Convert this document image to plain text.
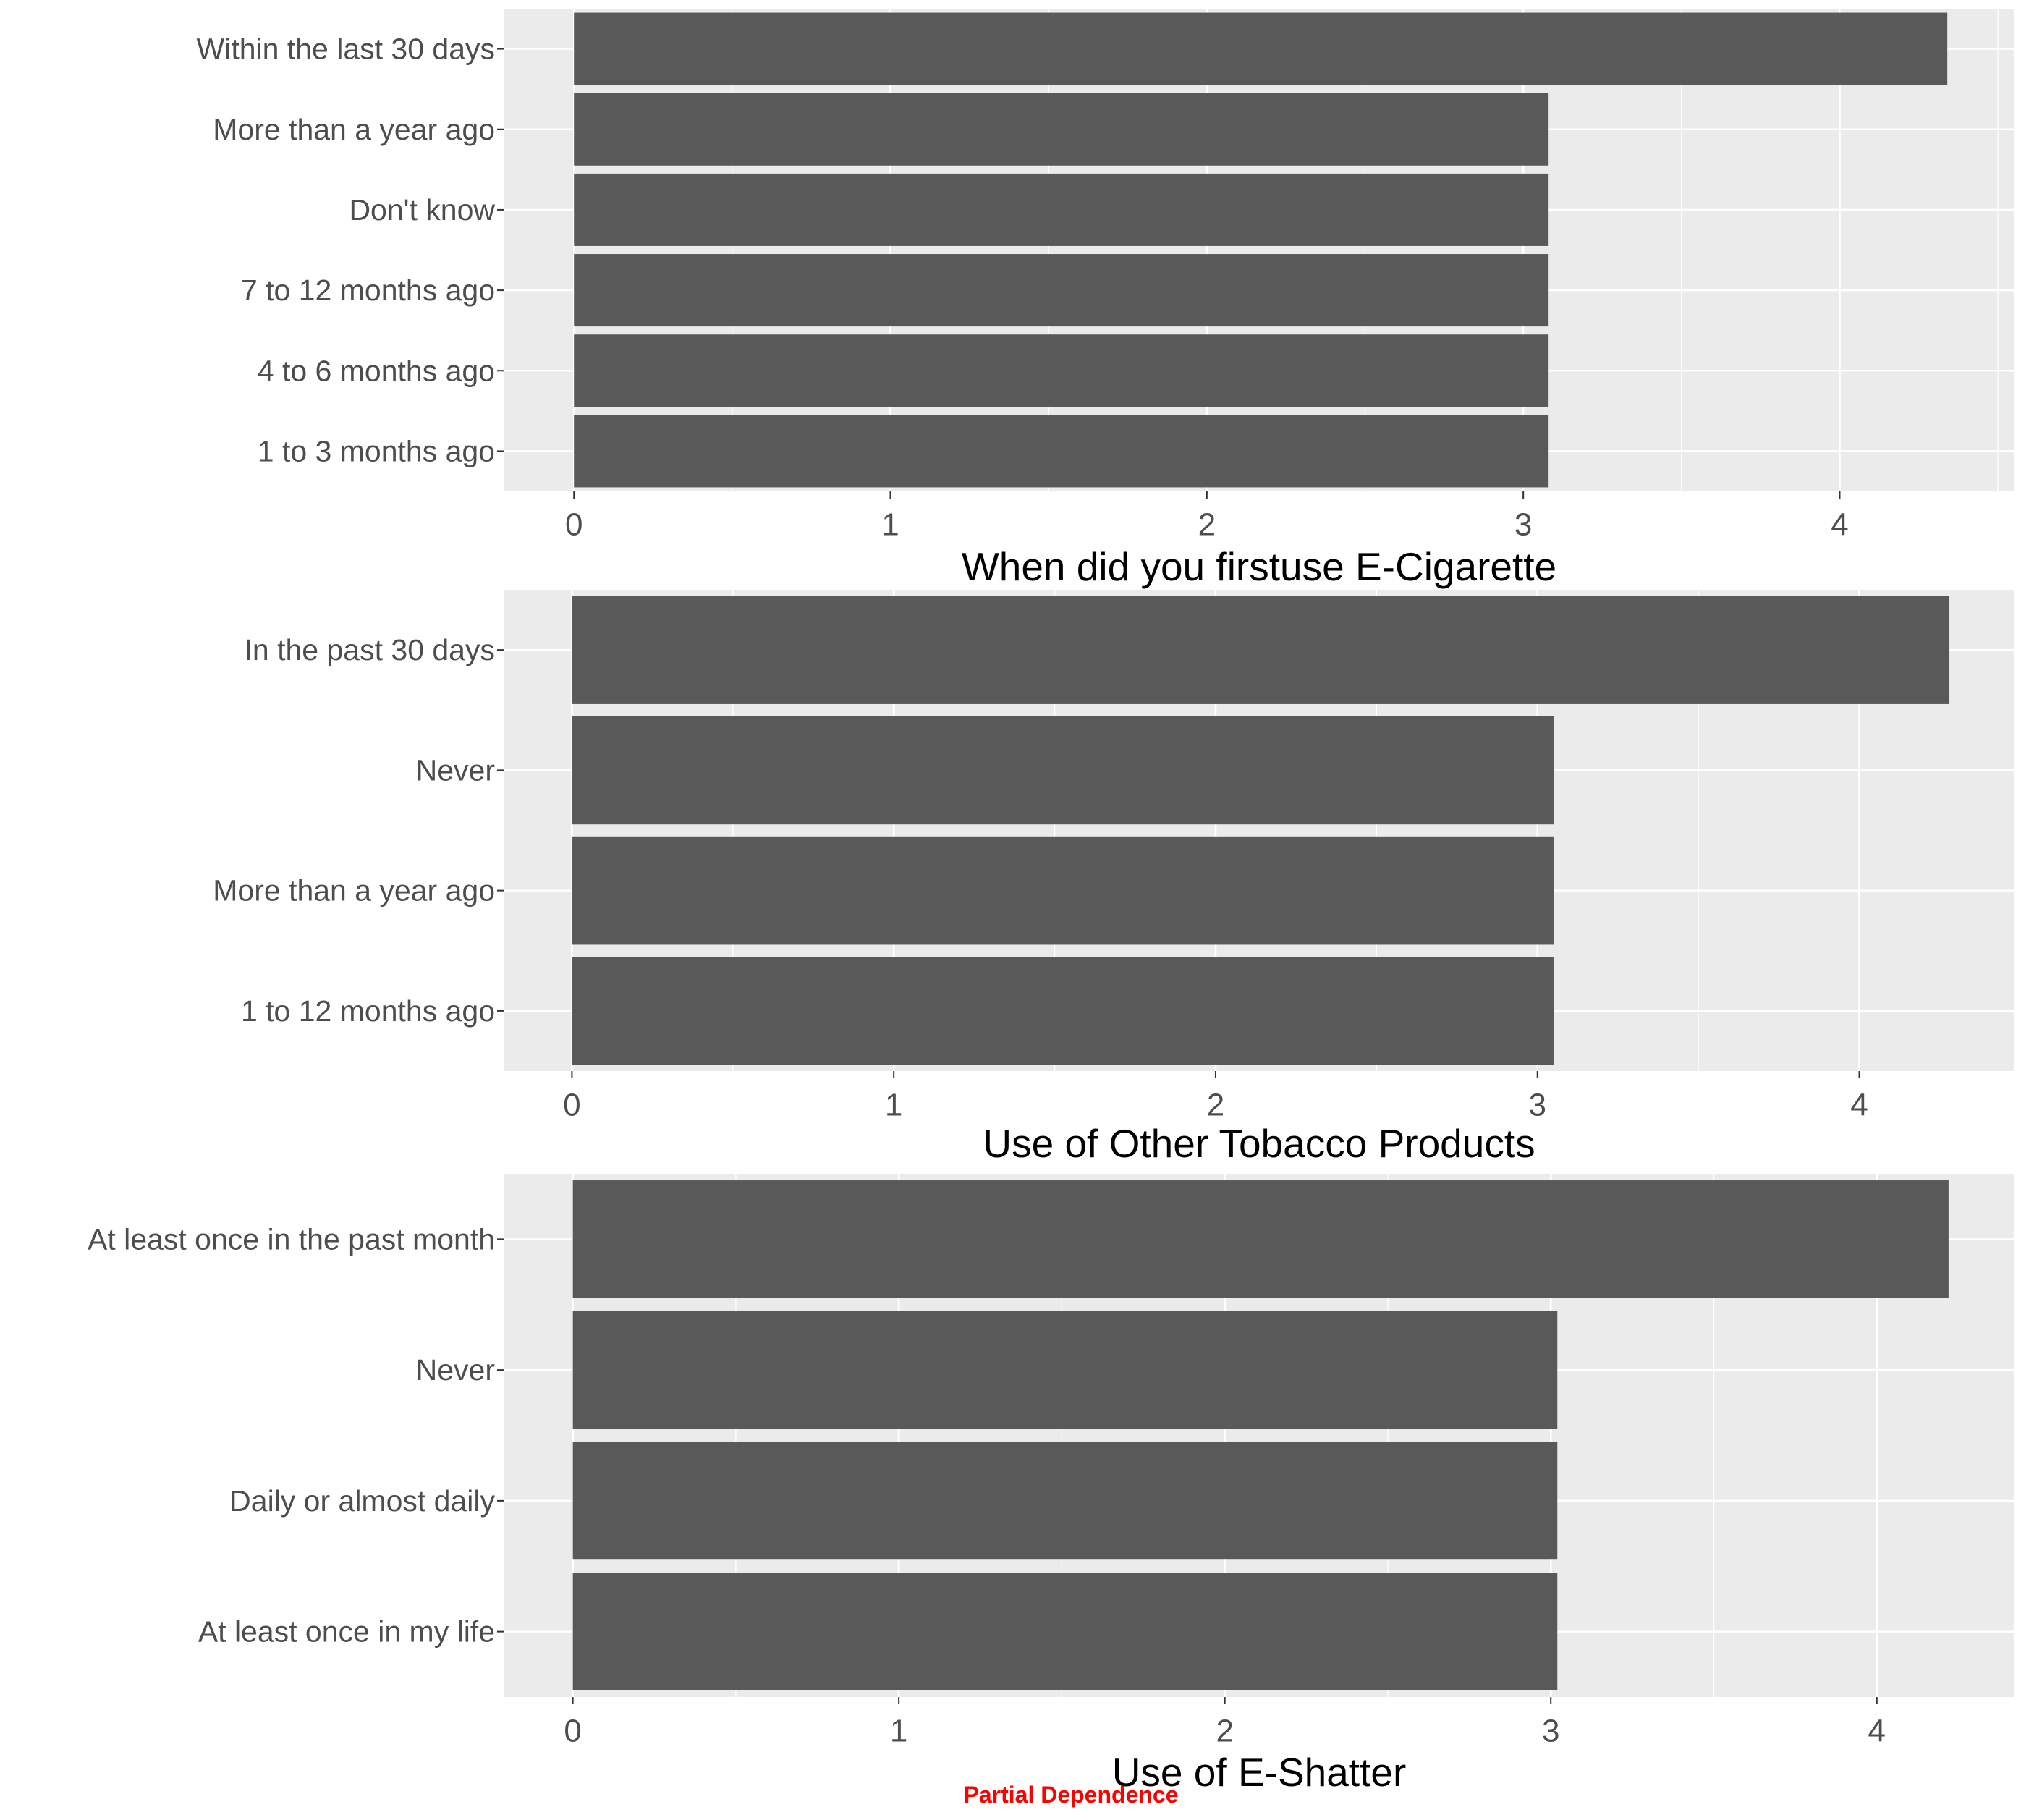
Within the last 30 days
More than a year ago
Don't know
7 to 12 months ago
4 to 6 months ago
1 to 3 months ago
0	1	2	3	4
When did you firstuse E-Cigarette
In the past 30 days
Never
More than a year ago
1 to 12 months ago
0	1	2	3	4
Use of Other Tobacco Products
At least once in the past month
Never
Daily or almost daily
At least once in my life
0	1	2	3	4
Use of E-Shatter
Partial Dependence
